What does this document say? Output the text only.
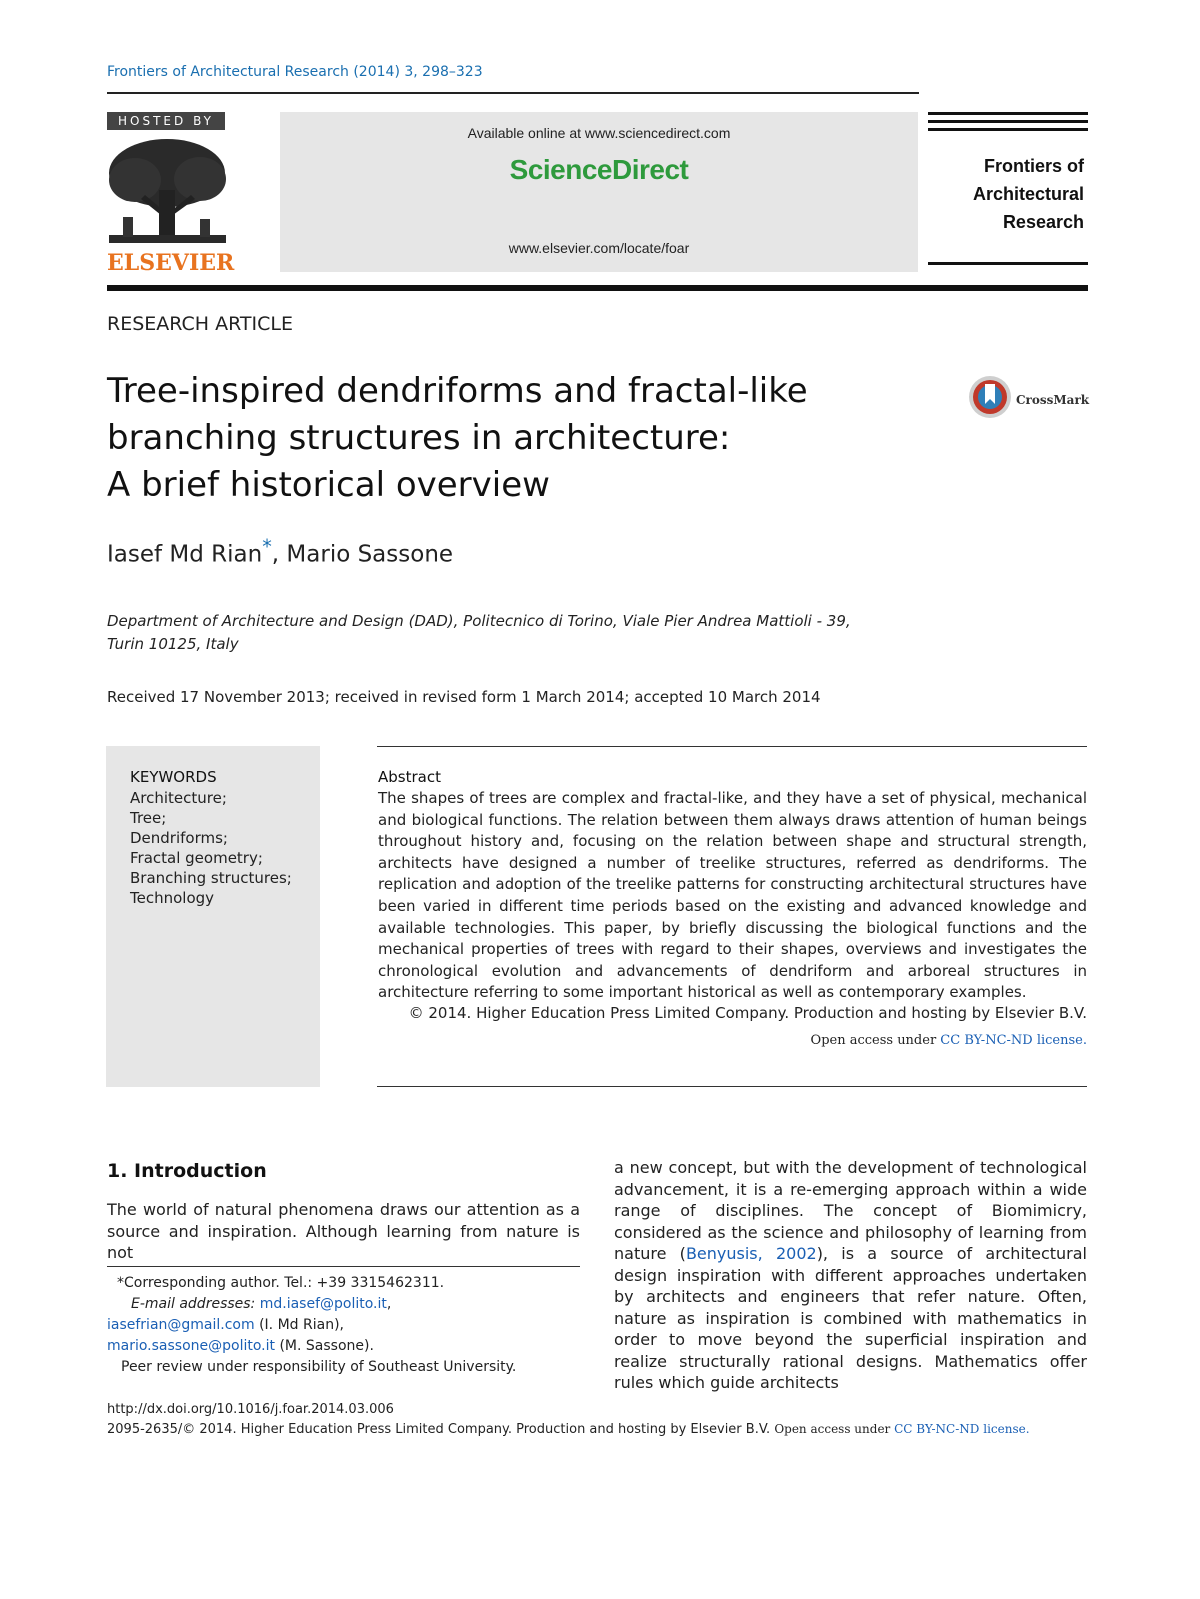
Frontiers of Architectural Research (2014) 3, 298–323
HOSTED BY
ELSEVIER
Available online at www.sciencedirect.com
ScienceDirect
www.elsevier.com/locate/foar
Frontiers of
Architectural
Research
RESEARCH ARTICLE
Tree-inspired dendriforms and fractal-like
branching structures in architecture:
A brief historical overview
CrossMark
Iasef Md Rian*, Mario Sassone
Department of Architecture and Design (DAD), Politecnico di Torino, Viale Pier Andrea Mattioli - 39,
Turin 10125, Italy
Received 17 November 2013; received in revised form 1 March 2014; accepted 10 March 2014
KEYWORDS
Architecture;
Tree;
Dendriforms;
Fractal geometry;
Branching structures;
Technology
Abstract
The shapes of trees are complex and fractal-like, and they have a set of physical, mechanical and biological functions. The relation between them always draws attention of human beings throughout history and, focusing on the relation between shape and structural strength, architects have designed a number of treelike structures, referred as dendriforms. The replication and adoption of the treelike patterns for constructing architectural structures have been varied in different time periods based on the existing and advanced knowledge and available technologies. This paper, by briefly discussing the biological functions and the mechanical properties of trees with regard to their shapes, overviews and investigates the chronological evolution and advancements of dendriform and arboreal structures in architecture referring to some important historical as well as contemporary examples.
© 2014. Higher Education Press Limited Company. Production and hosting by Elsevier B.V.
Open access under CC BY-NC-ND license.
1. Introduction
The world of natural phenomena draws our attention as a source and inspiration. Although learning from nature is not
*Corresponding author. Tel.: +39 3315462311.
E-mail addresses: md.iasef@polito.it,
iasefrian@gmail.com (I. Md Rian),
mario.sassone@polito.it (M. Sassone).
Peer review under responsibility of Southeast University.
a new concept, but with the development of technological advancement, it is a re-emerging approach within a wide range of disciplines. The concept of Biomimicry, considered as the science and philosophy of learning from nature (Benyusis, 2002), is a source of architectural design inspiration with different approaches undertaken by architects and engineers that refer nature. Often, nature as inspiration is combined with mathematics in order to move beyond the superficial inspiration and realize structurally rational designs. Mathematics offer rules which guide architects
http://dx.doi.org/10.1016/j.foar.2014.03.006
2095-2635/© 2014. Higher Education Press Limited Company. Production and hosting by Elsevier B.V. Open access under CC BY-NC-ND license.
